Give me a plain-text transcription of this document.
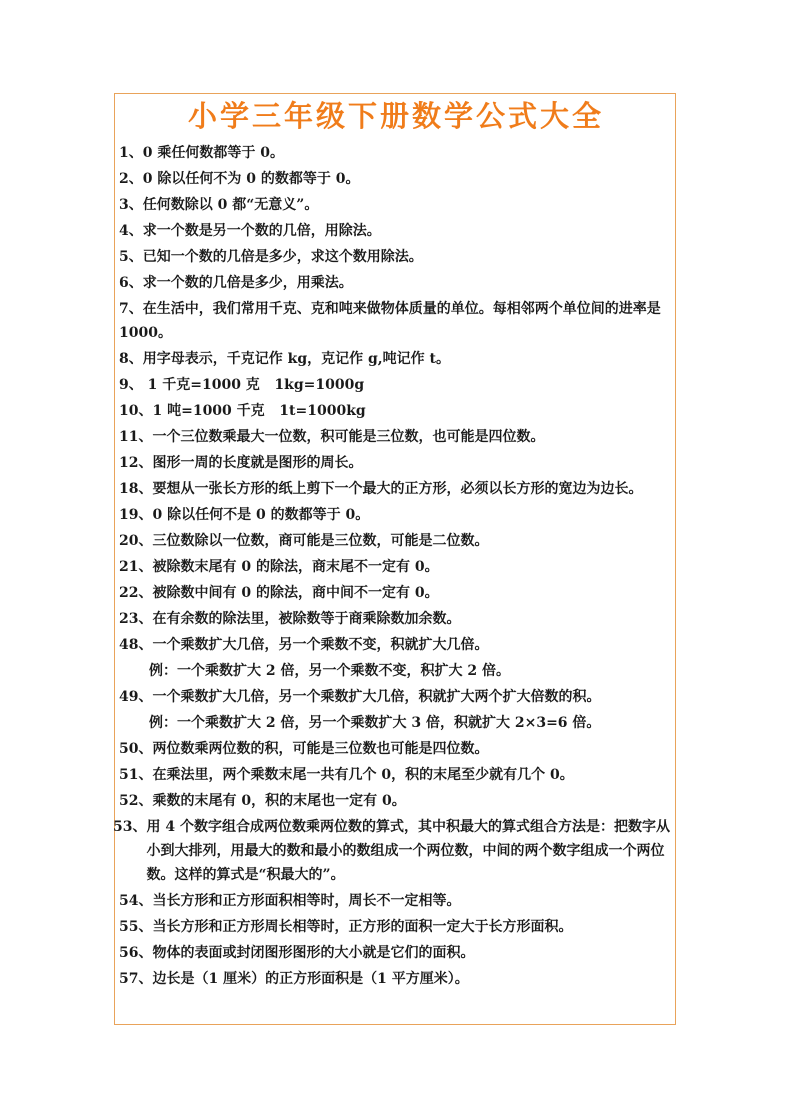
小学三年级下册数学公式大全
1、 0 乘任何数都等于 0。
2、 0 除以任何不为 0 的数都等于 0。
3、 任何数除以 0 都“无意义”。
4、 求一个数是另一个数的几倍，用除法。
5、 已知一个数的几倍是多少，求这个数用除法。
6、 求一个数的几倍是多少，用乘法。
7、在生活中，我们常用千克、克和吨来做物体质量的单位。每相邻两个单位间的进率是 1000。
8、 用字母表示，千克记作 kg，克记作 g,吨记作 t。
9、 1 千克=1000 克   1kg=1000g
10、 1 吨=1000 千克   1t=1000kg
11、 一个三位数乘最大一位数，积可能是三位数，也可能是四位数。
12、 图形一周的长度就是图形的周长。
18、要想从一张长方形的纸上剪下一个最大的正方形，必须以长方形的宽边为边长。
19、 0 除以任何不是 0 的数都等于 0。
20、 三位数除以一位数，商可能是三位数，可能是二位数。
21、 被除数末尾有 0 的除法，商末尾不一定有 0。
22、 被除数中间有 0 的除法，商中间不一定有 0。
23、 在有余数的除法里，被除数等于商乘除数加余数。
48、 一个乘数扩大几倍，另一个乘数不变，积就扩大几倍。
例：一个乘数扩大 2 倍，另一个乘数不变，积扩大 2 倍。
49、 一个乘数扩大几倍，另一个乘数扩大几倍，积就扩大两个扩大倍数的积。
例：一个乘数扩大 2 倍，另一个乘数扩大 3 倍，积就扩大 2×3=6 倍。
50、 两位数乘两位数的积，可能是三位数也可能是四位数。
51、 在乘法里，两个乘数末尾一共有几个 0，积的末尾至少就有几个 0。
52、 乘数的末尾有 0，积的末尾也一定有 0。
53、 用 4 个数字组合成两位数乘两位数的算式，其中积最大的算式组合方法是：把数字从小到大排列，用最大的数和最小的数组成一个两位数，中间的两个数字组成一个两位数。这样的算式是“积最大的”。
54、 当长方形和正方形面积相等时，周长不一定相等。
55、 当长方形和正方形周长相等时，正方形的面积一定大于长方形面积。
56、 物体的表面或封闭图形图形的大小就是它们的面积。
57、 边长是（1 厘米）的正方形面积是（1 平方厘米）。
